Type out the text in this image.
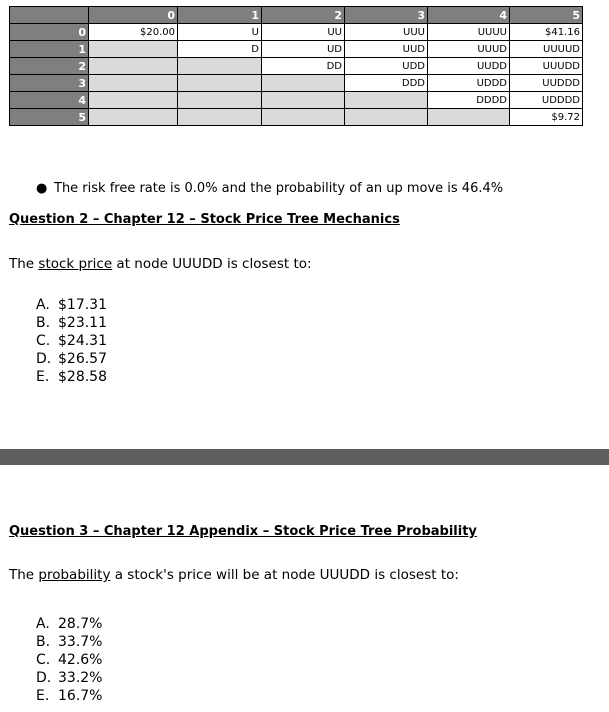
	0	1	2	3	4	5
0	$20.00	U	UU	UUU	UUUU	$41.16
1		D	UD	UUD	UUUD	UUUUD
2			DD	UDD	UUDD	UUUDD
3				DDD	UDDD	UUDDD
4					DDDD	UDDDD
5						$9.72
● The risk free rate is 0.0% and the probability of an up move is 46.4%
Question 2 – Chapter 12 – Stock Price Tree Mechanics
The stock price at node UUUDD is closest to:
A. $17.31
B. $23.11
C. $24.31
D. $26.57
E. $28.58
Question 3 – Chapter 12 Appendix – Stock Price Tree Probability
The probability a stock's price will be at node UUUDD is closest to:
A. 28.7%
B. 33.7%
C. 42.6%
D. 33.2%
E. 16.7%
